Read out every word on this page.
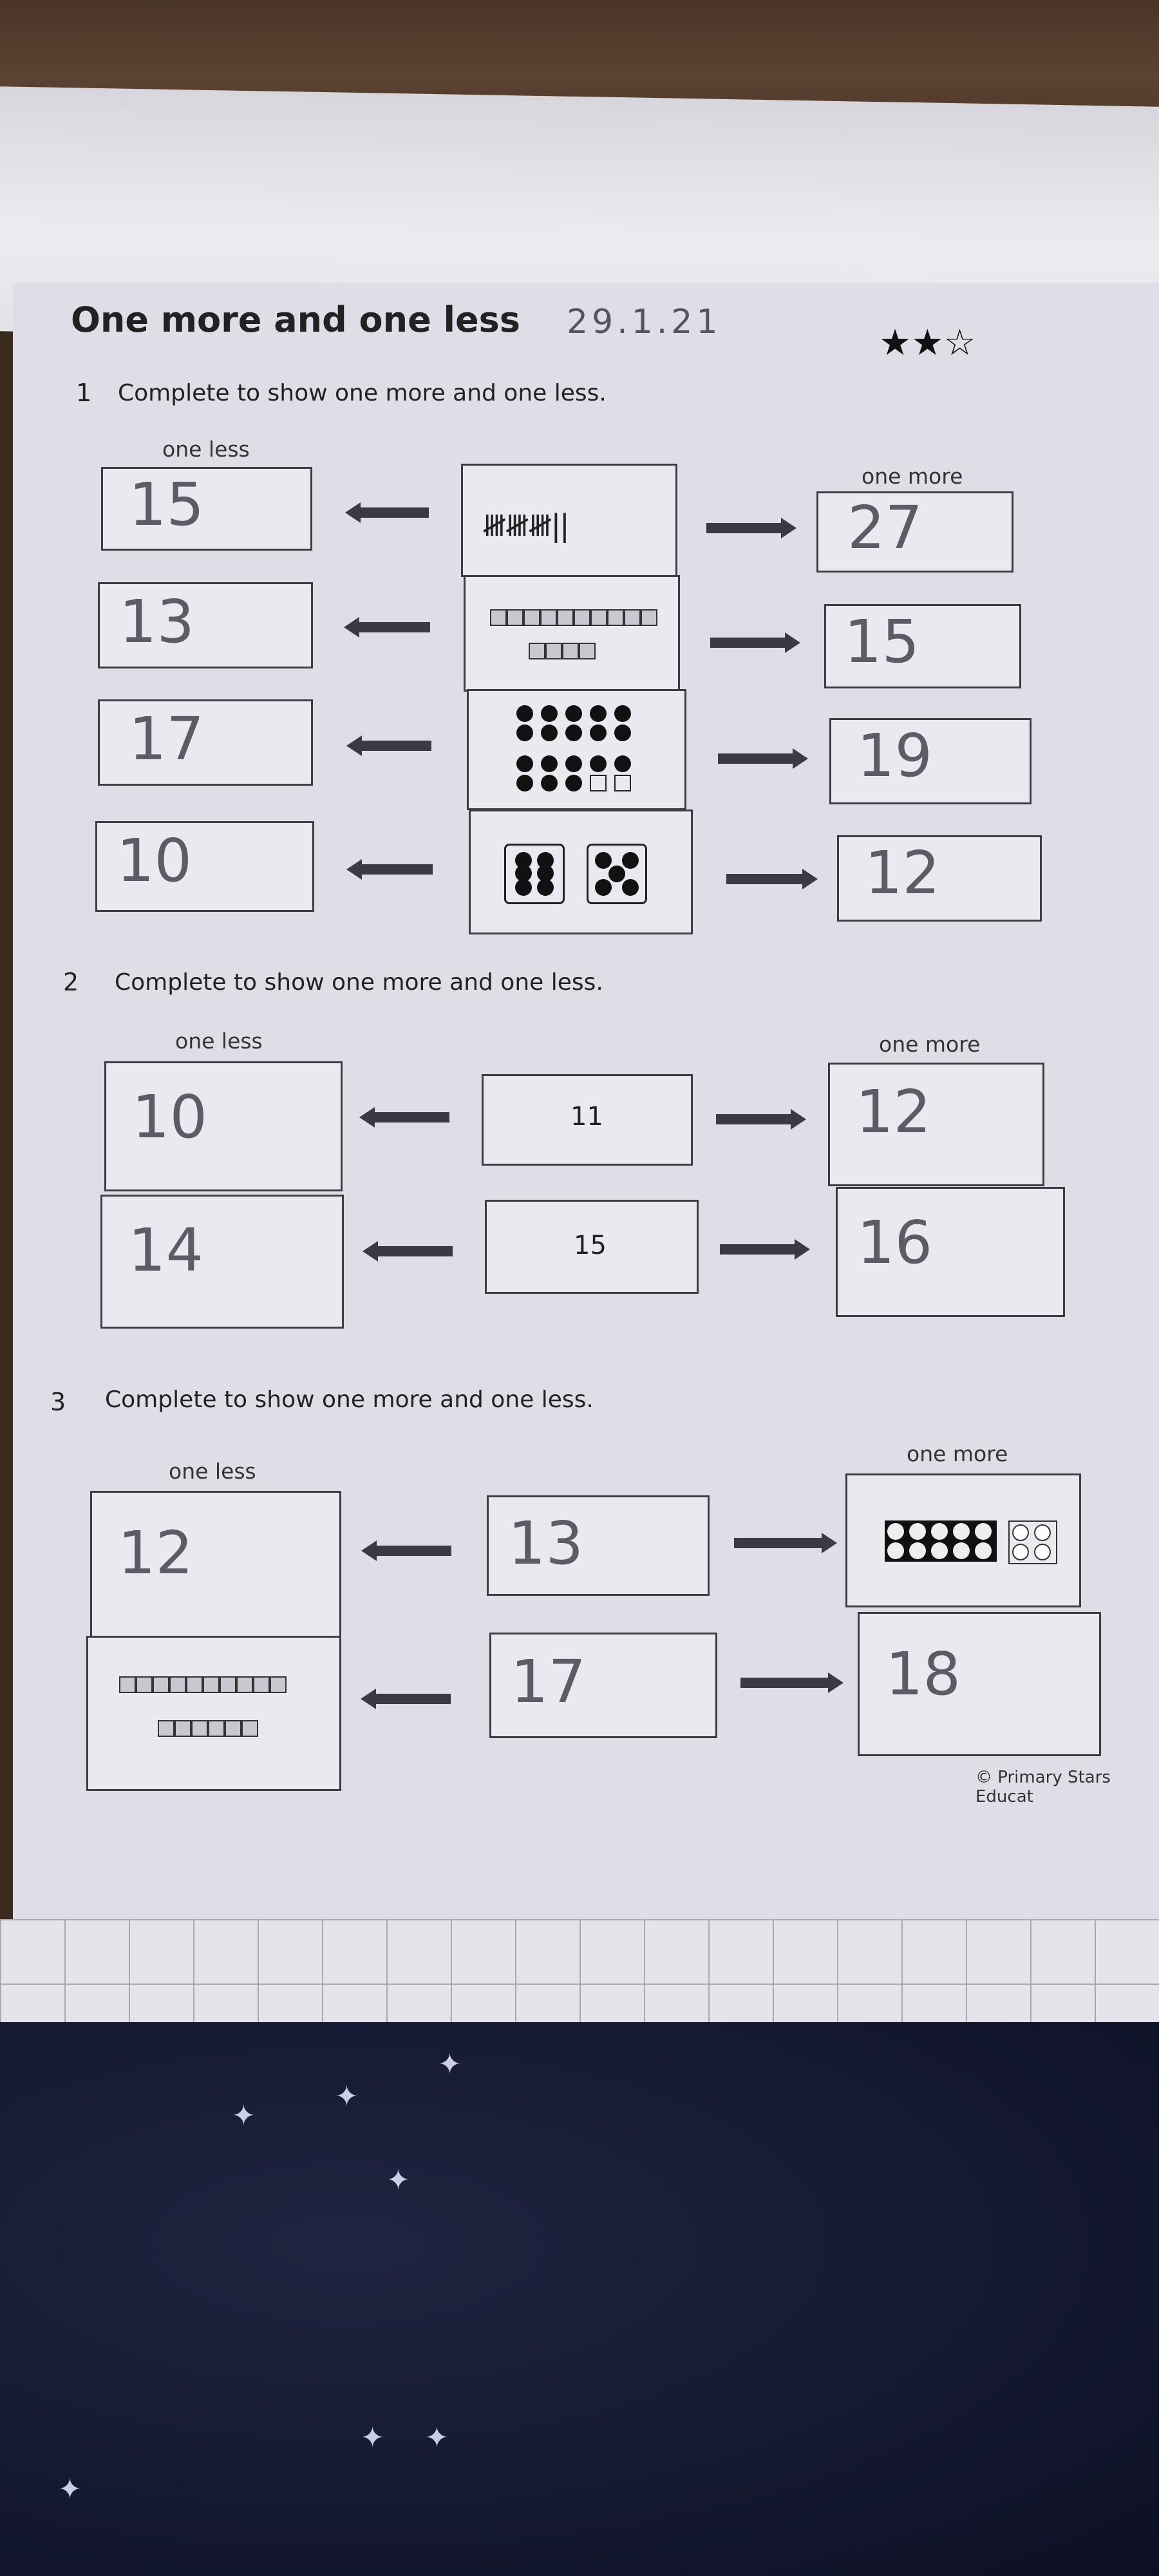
✦
✦
✦
✦ ✦
✦
✦
One more and one less 29.1.21	★★☆
1 Complete to show one more and one less.
one less
one more
15	𝍸𝍸𝍸||	27
13	15
17	19
10	12
2 Complete to show one more and one less.
one less	one more
10	11	12
14	15	16
3 Complete to show one more and one less.
one less
one more
12	13
17	18
© Primary Stars Educat
